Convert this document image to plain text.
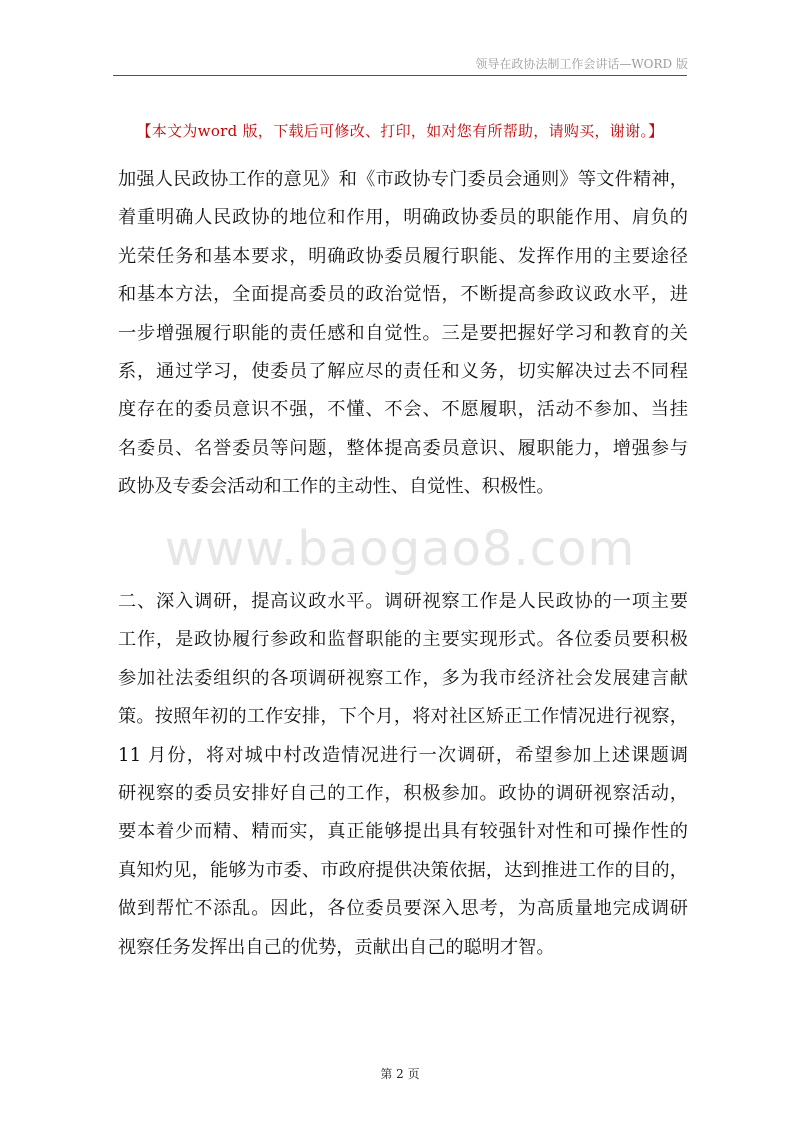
领导在政协法制工作会讲话—WORD 版
【本文为word 版，下载后可修改、打印，如对您有所帮助，请购买，谢谢。】
www.baogao8.com
加强人民政协工作的意见》和《市政协专门委员会通则》等文件精神，
着重明确人民政协的地位和作用，明确政协委员的职能作用、肩负的
光荣任务和基本要求，明确政协委员履行职能、发挥作用的主要途径
和基本方法，全面提高委员的政治觉悟，不断提高参政议政水平，进
一步增强履行职能的责任感和自觉性。三是要把握好学习和教育的关
系，通过学习，使委员了解应尽的责任和义务，切实解决过去不同程
度存在的委员意识不强，不懂、不会、不愿履职，活动不参加、当挂
名委员、名誉委员等问题，整体提高委员意识、履职能力，增强参与
政协及专委会活动和工作的主动性、自觉性、积极性。
二、深入调研，提高议政水平。调研视察工作是人民政协的一项主要
工作，是政协履行参政和监督职能的主要实现形式。各位委员要积极
参加社法委组织的各项调研视察工作，多为我市经济社会发展建言献
策。按照年初的工作安排，下个月，将对社区矫正工作情况进行视察，
11 月份，将对城中村改造情况进行一次调研，希望参加上述课题调
研视察的委员安排好自己的工作，积极参加。政协的调研视察活动，
要本着少而精、精而实，真正能够提出具有较强针对性和可操作性的
真知灼见，能够为市委、市政府提供决策依据，达到推进工作的目的，
做到帮忙不添乱。因此，各位委员要深入思考，为高质量地完成调研
视察任务发挥出自己的优势，贡献出自己的聪明才智。
第 2 页
